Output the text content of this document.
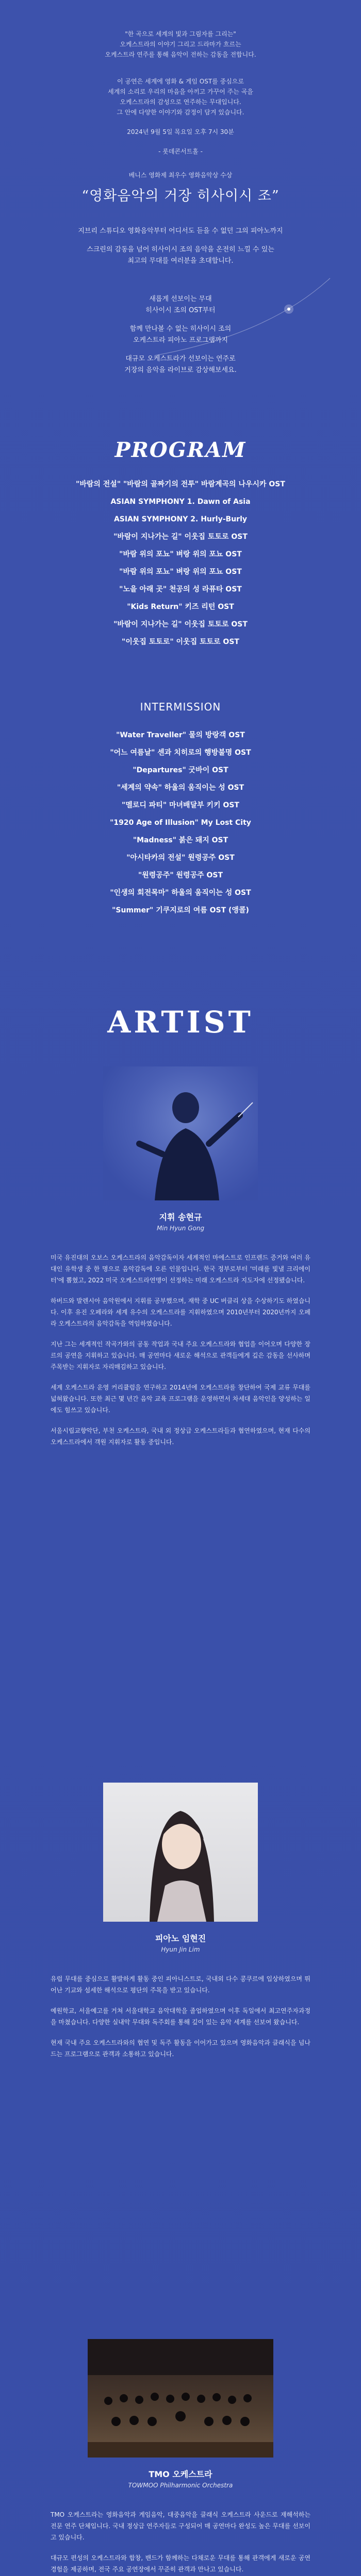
"한 곡으로 세계의 빛과 그림자를 그리는"
오케스트라의 이야기 그리고 드라마가 흐르는
오케스트라 연주를 통해 음악이 전하는 감동을 전합니다.
이 공연은 세계에 영화 & 게임 OST를 중심으로
세계의 소리로 우리의 마음을 아끼고 가꾸어 주는 곡을
오케스트라의 감성으로 연주하는 무대입니다.
그 안에 다양한 이야기와 감정이 담겨 있습니다.
2024년 9월 5일 목요일 오후 7시 30분
- 롯데콘서트홀 -
베니스 영화제 최우수 영화음악상 수상
“영화음악의 거장 히사이시 조”
지브리 스튜디오 영화음악부터 어디서도 듣을 수 없던 그의 피아노까지
스크린의 감동을 넘어 히사이시 조의 음악을 온전히 느낄 수 있는
최고의 무대를 여러분을 초대합니다.
새롭게 선보이는 무대
히사이시 조의 OST부터
함께 만나볼 수 없는 히사이시 조의
오케스트라 피아노 프로그램까지
대규모 오케스트라가 선보이는 연주로
거장의 음악을 라이브로 감상해보세요.
PROGRAM
"바람의 전설" "바람의 골짜기의 전투" 바람계곡의 나우시카 OST
ASIAN SYMPHONY 1. Dawn of Asia
ASIAN SYMPHONY 2. Hurly-Burly
"바람이 지나가는 길" 이웃집 토토로 OST
"바람 위의 포뇨" 벼랑 위의 포뇨 OST
"바람 위의 포뇨" 벼랑 위의 포뇨 OST
"노을 아래 곳" 천공의 성 라퓨타 OST
"Kids Return" 키즈 리턴 OST
"바람이 지나가는 길" 이웃집 토토로 OST
"이웃집 토토로" 이웃집 토토로 OST
INTERMISSION
"Water Traveller" 물의 방랑객 OST
"어느 여름날" 센과 치히로의 행방불명 OST
"Departures" 굿바이 OST
"세계의 약속" 하울의 움직이는 성 OST
"멜로디 파티" 마녀배달부 키키 OST
"1920 Age of Illusion" My Lost City
"Madness" 붉은 돼지 OST
"아시타카의 전설" 원령공주 OST
"원령공주" 원령공주 OST
"인생의 회전목마" 하울의 움직이는 성 OST
"Summer" 기쿠지로의 여름 OST (앵콜)
ARTIST
지휘 송현규
Min Hyun Gong

미국 유진대의 오보스 오케스트라의 음악감독이자 세계적인 마에스트로 인프렌드 증거와 여러 유대인 유학생 중 한 명으로 음악감독에 오른 인물입니다. 한국 정부로부터 '미래를 빛낼 크리에이터'에 뽑혔고, 2022 미국 오케스트라연맹이 선정하는 미래 오케스트라 지도자에 선정됐습니다.

하버드와 발렌시아 음악원에서 지휘를 공부했으며, 재학 중 UC 버클리 상을 수상하기도 하였습니다. 이후 유진 오페라와 세계 유수의 오케스트라를 지휘하였으며 2010년부터 2020년까지 오페라 오케스트라의 음악감독을 역임하였습니다.

지난 그는 세계적인 작곡가와의 공동 작업과 국내 주요 오케스트라와 협업을 이어오며 다양한 장르의 공연을 지휘하고 있습니다. 매 공연마다 새로운 해석으로 관객들에게 깊은 감동을 선사하며 주목받는 지휘자로 자리매김하고 있습니다.

세계 오케스트라 운영 커리큘럼을 연구하고 2014년에 오케스트라를 창단하여 국제 교류 무대를 넓혀왔습니다. 또한 최근 몇 년간 음악 교육 프로그램을 운영하면서 차세대 음악인을 양성하는 일에도 힘쓰고 있습니다.

서울시립교향악단, 부천 오케스트라, 국내 외 정상급 오케스트라들과 협연하였으며, 현재 다수의 오케스트라에서 객원 지휘자로 활동 중입니다.

피아노 임현진
Hyun Jin Lim

유럽 무대를 중심으로 활발하게 활동 중인 피아니스트로, 국내외 다수 콩쿠르에 입상하였으며 뛰어난 기교와 섬세한 해석으로 평단의 주목을 받고 있습니다.

예원학교, 서울예고를 거쳐 서울대학교 음악대학을 졸업하였으며 이후 독일에서 최고연주자과정을 마쳤습니다. 다양한 실내악 무대와 독주회를 통해 깊이 있는 음악 세계를 선보여 왔습니다.

현재 국내 주요 오케스트라와의 협연 및 독주 활동을 이어가고 있으며 영화음악과 클래식을 넘나드는 프로그램으로 관객과 소통하고 있습니다.

TMO 오케스트라
TOWMOO Philharmonic Orchestra

TMO 오케스트라는 영화음악과 게임음악, 대중음악을 클래식 오케스트라 사운드로 재해석하는 전문 연주 단체입니다. 국내 정상급 연주자들로 구성되어 매 공연마다 완성도 높은 무대를 선보이고 있습니다.

대규모 편성의 오케스트라와 합창, 밴드가 함께하는 다채로운 무대를 통해 관객에게 새로운 공연 경험을 제공하며, 전국 주요 공연장에서 꾸준히 관객과 만나고 있습니다.
